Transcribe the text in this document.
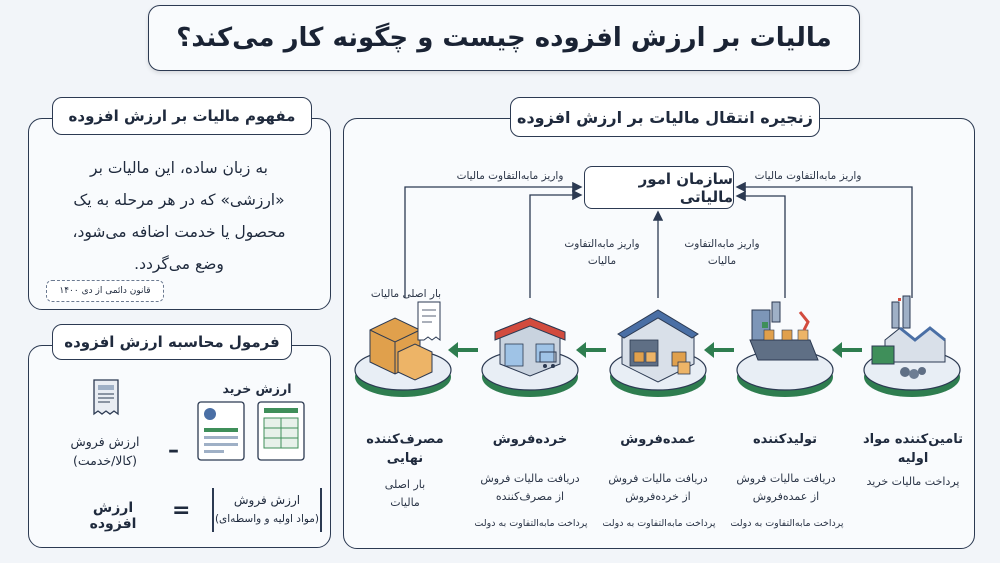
مالیات بر ارزش افزوده چیست و چگونه کار می‌کند؟
مفهوم مالیات بر ارزش افزوده
به زبان ساده، این مالیات بر
«ارزشی» که در هر مرحله به یک
محصول یا خدمت اضافه می‌شود،
وضع می‌گردد.
قانون دائمی از دی ۱۴۰۰
فرمول محاسبه ارزش افزوده
ارزش خرید
ارزش فروش
(کالا/خدمت)	–
ارزش افزوده
=	ارزش فروش
(مواد اولیه و واسطه‌ای)
زنجیره انتقال مالیات بر ارزش افزوده
سازمان امور مالیاتی
واریز مابه‌التفاوت مالیات	واریز مابه‌التفاوت مالیات
واریز مابه‌التفاوت
مالیات
واریز مابه‌التفاوت
مالیات
بار اصلی مالیات
تامین‌کننده مواد
اولیه
تولیدکننده
عمده‌فروش
خرده‌فروش
مصرف‌کننده
نهایی
پرداخت مالیات خرید
دریافت مالیات فروش
از عمده‌فروش
دریافت مالیات فروش
از خرده‌فروش
دریافت مالیات فروش
از مصرف‌کننده
بار اصلی
مالیات
پرداخت مابه‌التفاوت به دولت
پرداخت مابه‌التفاوت به دولت
پرداخت مابه‌التفاوت به دولت
